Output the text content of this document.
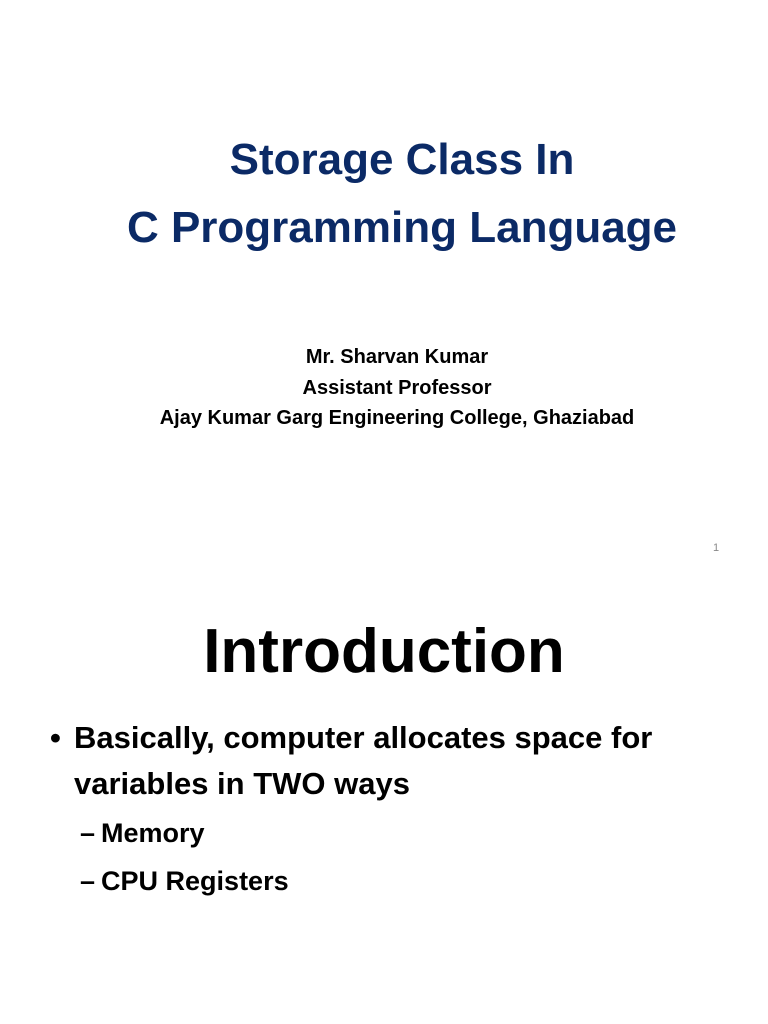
Storage Class In
C Programming Language
Mr. Sharvan Kumar
Assistant Professor
Ajay Kumar Garg Engineering College, Ghaziabad
1
Introduction
• Basically, computer allocates space for variables in TWO ways
– Memory
– CPU Registers
